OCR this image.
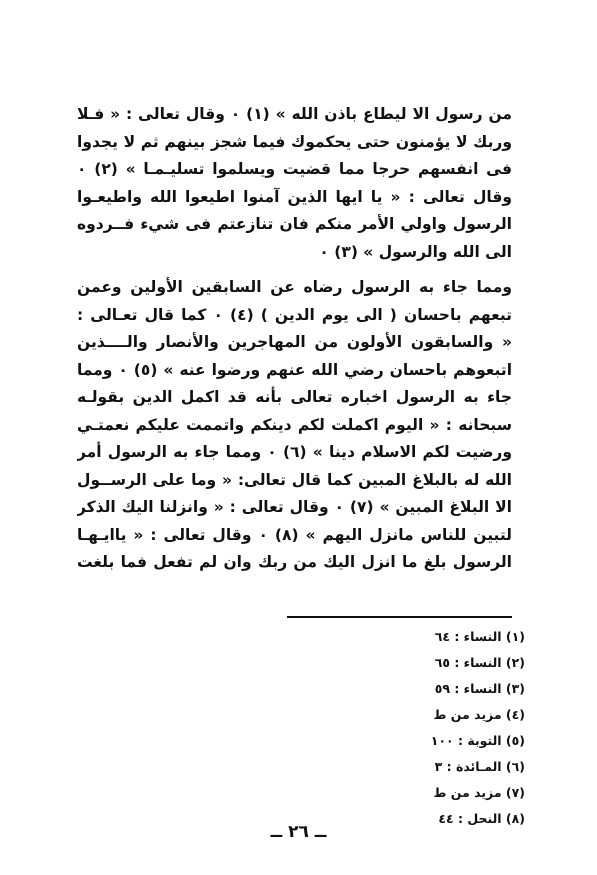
من رسول الا ليطاع باذن الله » (١) ٠ وقال تعالى : « فـلا
وربك لا يؤمنون حتى يحكموك فيما شجز بينهم ثم لا يجدوا
فى انفسهم حرجا مما قضيت ويسلموا تسليـمـا » (٢) ٠
وقال تعالى : « يا ايها الذين آمنوا اطيعوا الله واطيعـوا
الرسول واولي الأمر منكم فان تنازعتم فى شيء فــردوه
الى الله والرسول » (٣) ٠
ومما جاء به الرسول رضاه عن السابقين الأولين وعمن
تبعهم باحسان ( الى يوم الدين ) (٤) ٠ كما قال تعـالى :
« والسابقون الأولون من المهاجرين والأنصار والــــذين
اتبعوهم باحسان رضي الله عنهم ورضوا عنه » (٥) ٠ ومما
جاء به الرسول اخباره تعالى بأنه قد اكمل الدين بقولـه
سبحانه : « اليوم اكملت لكم دينكم واتممت عليكم نعمتـي
ورضيت لكم الاسلام دينا » (٦) ٠ ومما جاء به الرسول أمر
الله له بالبلاغ المبين كما قال تعالى: « وما على الرســول
الا البلاغ المبين » (٧) ٠ وقال تعالى : « وانزلنا اليك الذكر
لتبين للناس مانزل اليهم » (٨) ٠ وقال تعالى : « ياايـهـا
الرسول بلغ ما انزل اليك من ربك وان لم تفعل فما بلغت
(١) النساء : ٦٤
(٢) النساء : ٦٥
(٣) النساء : ٥٩
(٤) مزيد من ط
(٥) التوبة : ١٠٠
(٦) المـائدة : ٣
(٧) مزيد من ط
(٨) النحل : ٤٤
ــ ٢٦ ــ
